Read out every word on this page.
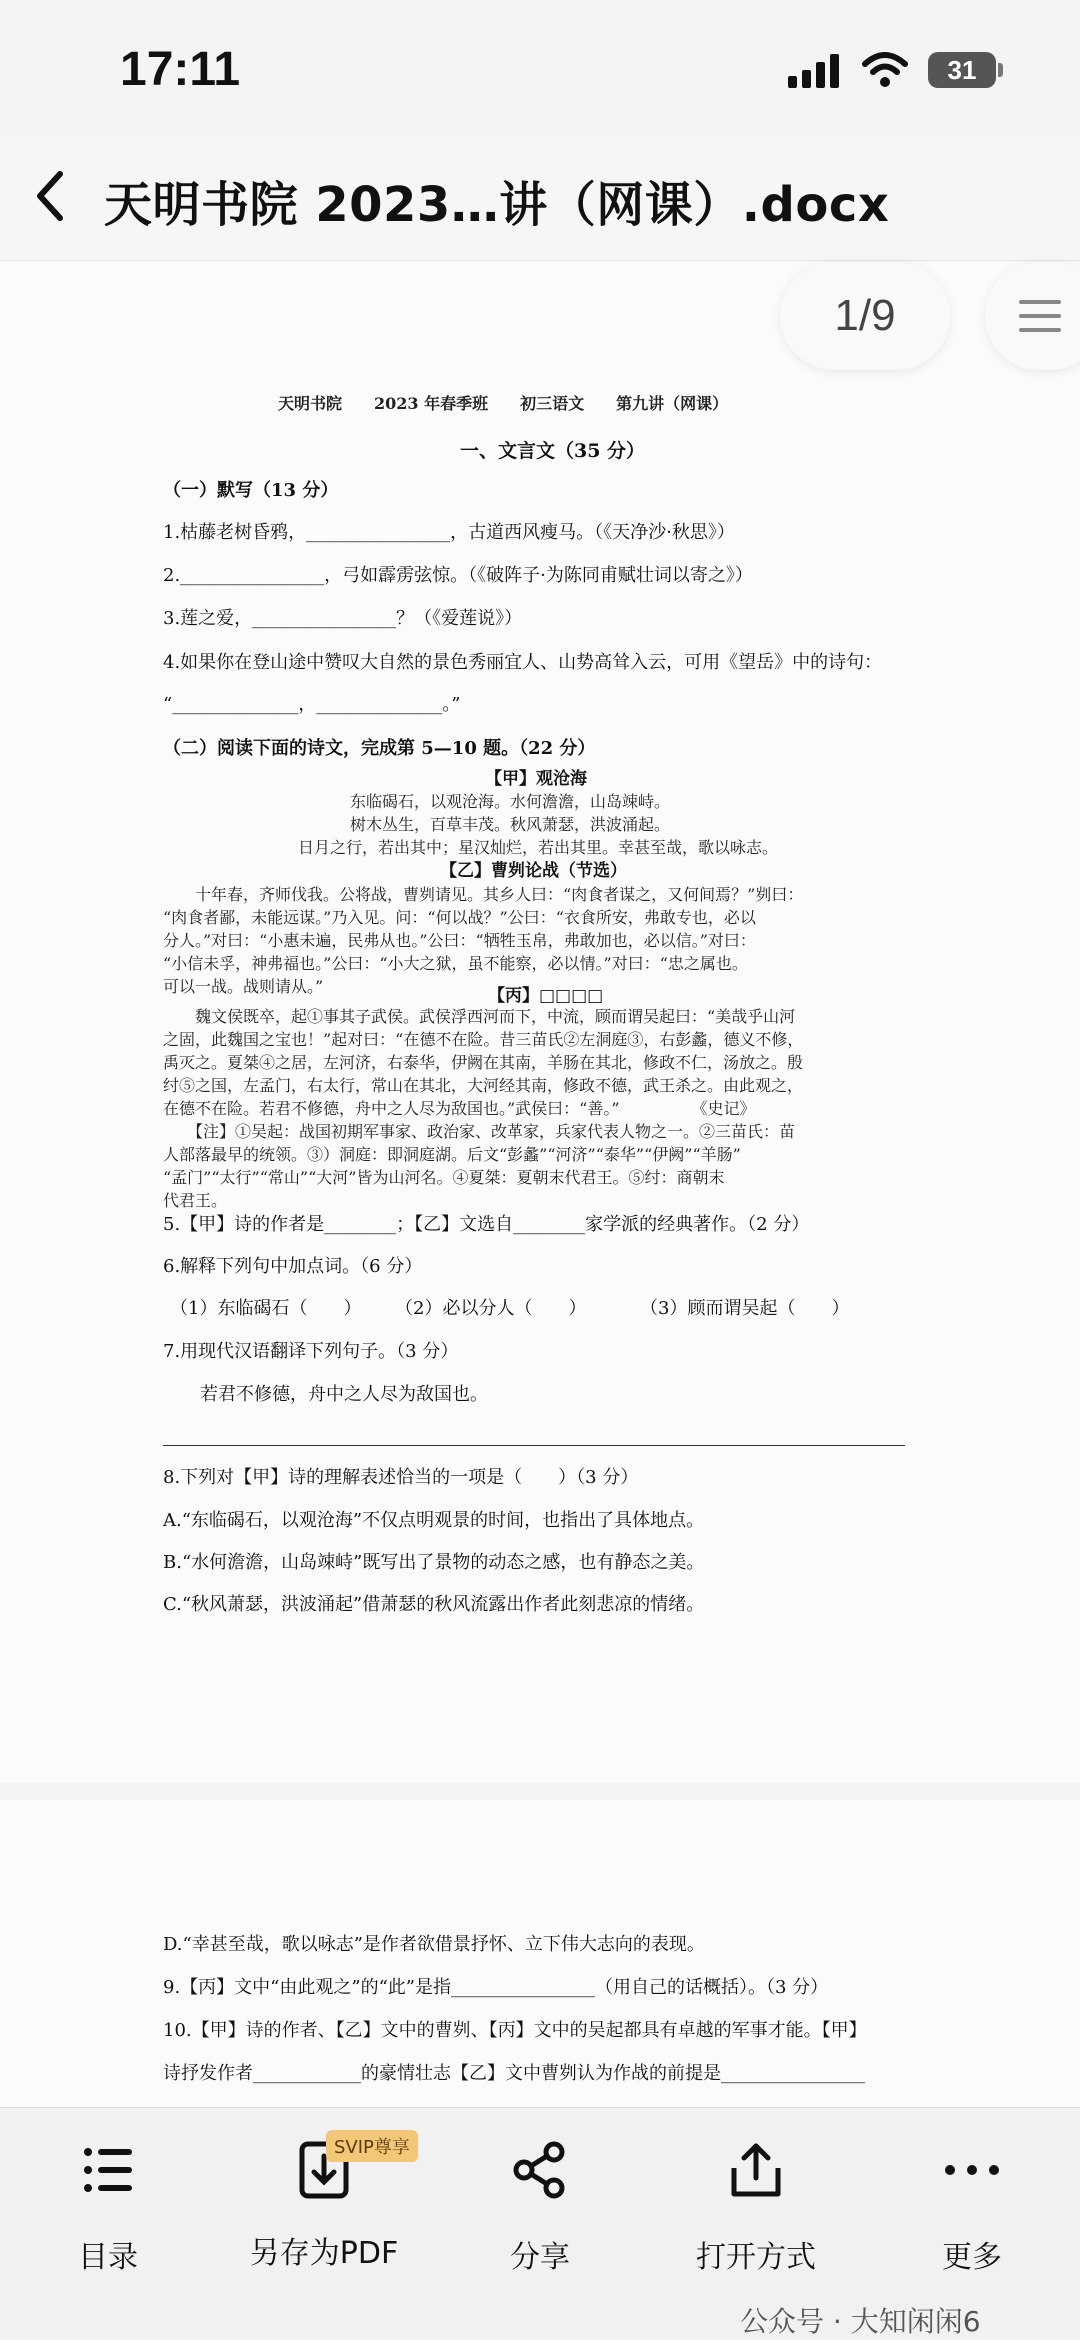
17:11	31
天明书院 2023…讲（网课）.docx
1/9
天明书院　　2023 年春季班　　初三语文　　第九讲（网课）
一、文言文（35 分）
（一）默写（13 分）
1.枯藤老树昏鸦，________________，古道西风瘦马。（《天净沙·秋思》）
2.________________，弓如霹雳弦惊。（《破阵子·为陈同甫赋壮词以寄之》）
3.莲之爱，________________？（《爱莲说》）
4.如果你在登山途中赞叹大自然的景色秀丽宜人、山势高耸入云，可用《望岳》中的诗句：
“______________，______________。”
（二）阅读下面的诗文，完成第 5—10 题。（22 分）
【甲】观沧海
东临碣石，以观沧海。水何澹澹，山岛竦峙。
树木丛生，百草丰茂。秋风萧瑟，洪波涌起。
日月之行，若出其中；星汉灿烂，若出其里。幸甚至哉，歌以咏志。
【乙】曹刿论战（节选）
　　十年春，齐师伐我。公将战，曹刿请见。其乡人曰：“肉食者谋之，又何间焉？”刿曰：
“肉食者鄙，未能远谋。”乃入见。问：“何以战？”公曰：“衣食所安，弗敢专也，必以
分人。”对曰：“小惠未遍，民弗从也。”公曰：“牺牲玉帛，弗敢加也，必以信。”对曰：
“小信未孚，神弗福也。”公曰：“小大之狱，虽不能察，必以情。”对曰：“忠之属也。
可以一战。战则请从。”	【丙】□□□□
　　魏文侯既卒，起①事其子武侯。武侯浮西河而下，中流，顾而谓吴起曰：“美哉乎山河
之固，此魏国之宝也！”起对曰：“在德不在险。昔三苗氏②左洞庭③，右彭蠡，德义不修，
禹灭之。夏桀④之居，左河济，右泰华，伊阙在其南，羊肠在其北，修政不仁，汤放之。殷
纣⑤之国，左孟门，右太行，常山在其北，大河经其南，修政不德，武王杀之。由此观之，
在德不在险。若君不修德，舟中之人尽为敌国也。”武侯曰：“善。”　　　　　《史记》
　　【注】①吴起：战国初期军事家、政治家、改革家，兵家代表人物之一。②三苗氏：苗
人部落最早的统领。③）洞庭：即洞庭湖。后文“彭蠡”“河济”“泰华”“伊阙”“羊肠”
“孟门”“太行”“常山”“大河”皆为山河名。④夏桀：夏朝末代君王。⑤纣：商朝末
代君王。
5.【甲】诗的作者是________；【乙】文选自________家学派的经典著作。（2 分）
6.解释下列句中加点词。（6 分）
（1）东临碣石（　　） （2）必以分人（　　）	（3）顾而谓吴起（　　）
7.用现代汉语翻译下列句子。（3 分）
若君不修德，舟中之人尽为敌国也。
8.下列对【甲】诗的理解表述恰当的一项是（　　）（3 分）
A.“东临碣石，以观沧海”不仅点明观景的时间，也指出了具体地点。
B.“水何澹澹，山岛竦峙”既写出了景物的动态之感，也有静态之美。
C.“秋风萧瑟，洪波涌起”借萧瑟的秋风流露出作者此刻悲凉的情绪。
D.“幸甚至哉，歌以咏志”是作者欲借景抒怀、立下伟大志向的表现。
9.【丙】文中“由此观之”的“此”是指________________（用自己的话概括）。（3 分）
10.【甲】诗的作者、【乙】文中的曹刿、【丙】文中的吴起都具有卓越的军事才能。【甲】
诗抒发作者____________的豪情壮志【乙】文中曹刿认为作战的前提是________________
目录
SVIP尊享
另存为PDF	分享	打开方式	更多
公众号 · 大知闲闲6
